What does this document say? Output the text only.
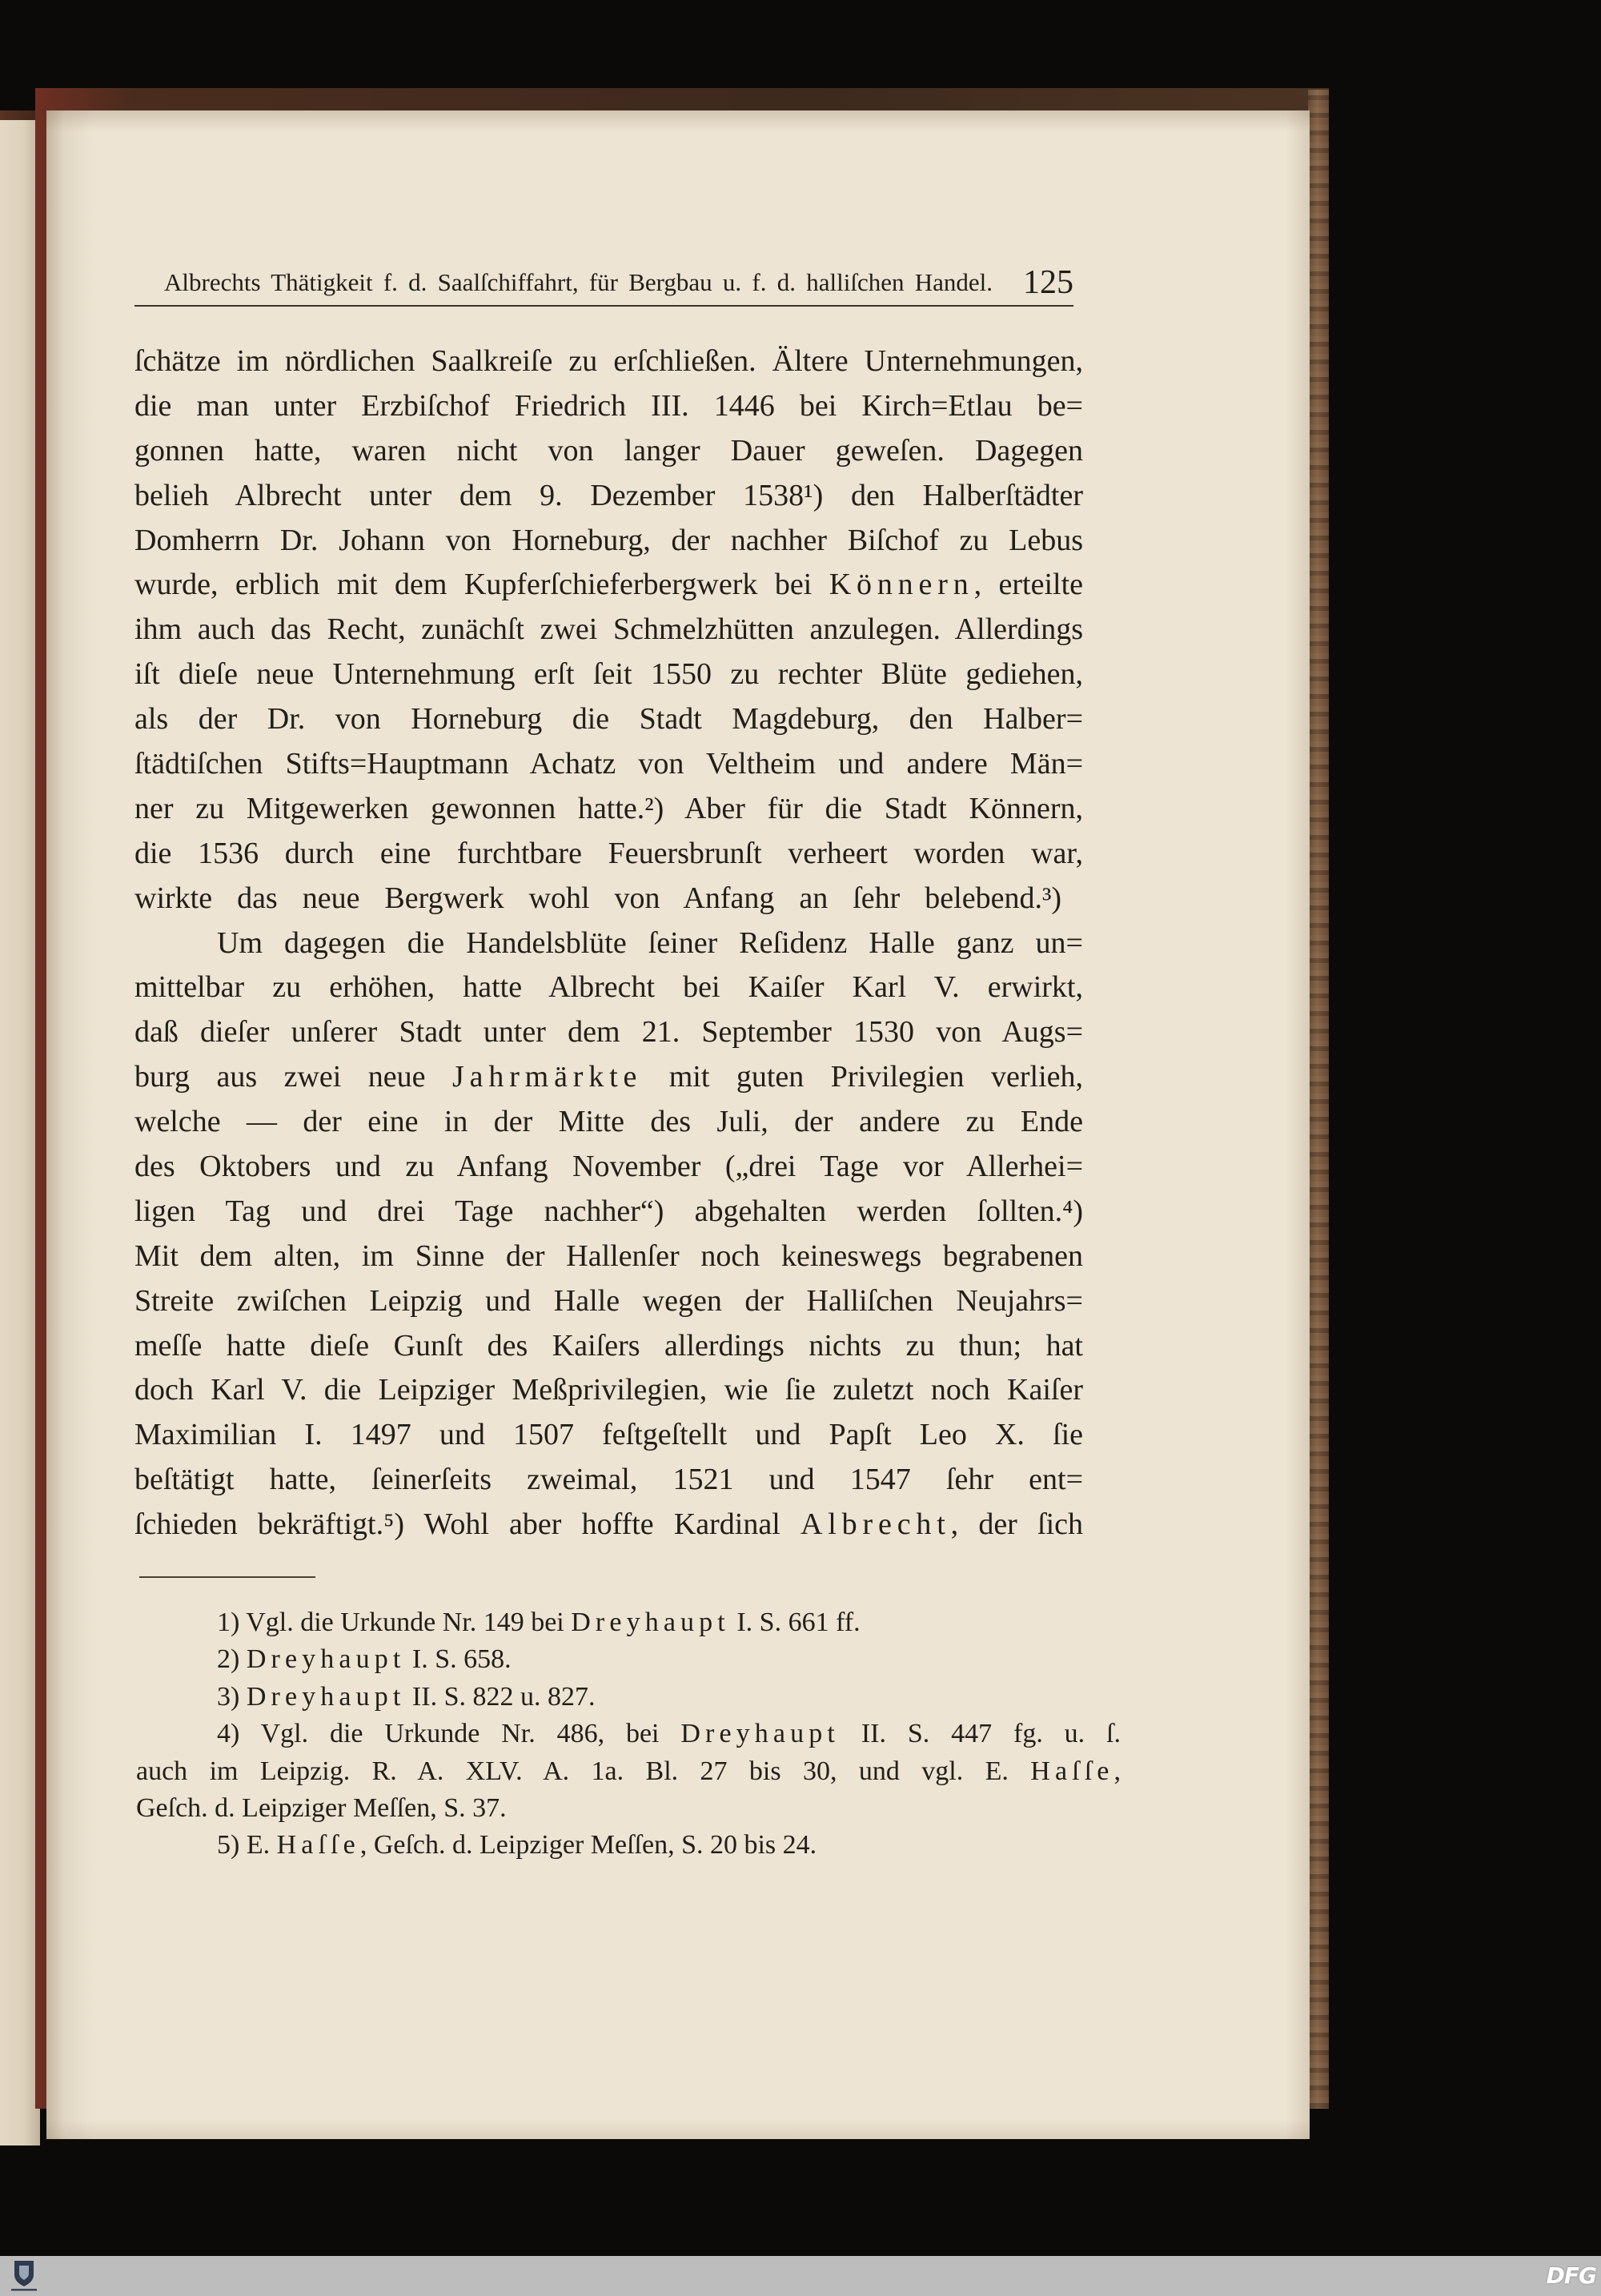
Albrechts Thätigkeit f. d. Saalſchiffahrt, für Bergbau u. f. d. halliſchen Handel. 125
ſchätze im nördlichen Saalkreiſe zu erſchließen. Ältere Unternehmungen,
die man unter Erzbiſchof Friedrich III. 1446 bei Kirch=Etlau be=
gonnen hatte, waren nicht von langer Dauer geweſen. Dagegen
belieh Albrecht unter dem 9. Dezember 1538¹) den Halberſtädter
Domherrn Dr. Johann von Horneburg, der nachher Biſchof zu Lebus
wurde, erblich mit dem Kupferſchieferbergwerk bei Könnern, erteilte
ihm auch das Recht, zunächſt zwei Schmelzhütten anzulegen. Allerdings
iſt dieſe neue Unternehmung erſt ſeit 1550 zu rechter Blüte gediehen,
als der Dr. von Horneburg die Stadt Magdeburg, den Halber=
ſtädtiſchen Stifts=Hauptmann Achatz von Veltheim und andere Män=
ner zu Mitgewerken gewonnen hatte.²) Aber für die Stadt Könnern,
die 1536 durch eine furchtbare Feuersbrunſt verheert worden war,
wirkte das neue Bergwerk wohl von Anfang an ſehr belebend.³)
Um dagegen die Handelsblüte ſeiner Reſidenz Halle ganz un=
mittelbar zu erhöhen, hatte Albrecht bei Kaiſer Karl V. erwirkt,
daß dieſer unſerer Stadt unter dem 21. September 1530 von Augs=
burg aus zwei neue Jahrmärkte mit guten Privilegien verlieh,
welche — der eine in der Mitte des Juli, der andere zu Ende
des Oktobers und zu Anfang November („drei Tage vor Allerhei=
ligen Tag und drei Tage nachher“) abgehalten werden ſollten.⁴)
Mit dem alten, im Sinne der Hallenſer noch keineswegs begrabenen
Streite zwiſchen Leipzig und Halle wegen der Halliſchen Neujahrs=
meſſe hatte dieſe Gunſt des Kaiſers allerdings nichts zu thun; hat
doch Karl V. die Leipziger Meßprivilegien, wie ſie zuletzt noch Kaiſer
Maximilian I. 1497 und 1507 feſtgeſtellt und Papſt Leo X. ſie
beſtätigt hatte, ſeinerſeits zweimal, 1521 und 1547 ſehr ent=
ſchieden bekräftigt.⁵) Wohl aber hoffte Kardinal Albrecht, der ſich
1) Vgl. die Urkunde Nr. 149 bei Dreyhaupt I. S. 661 ff.
2) Dreyhaupt I. S. 658.
3) Dreyhaupt II. S. 822 u. 827.
4) Vgl. die Urkunde Nr. 486, bei Dreyhaupt II. S. 447 fg. u. ſ.
auch im Leipzig. R. A. XLV. A. 1a. Bl. 27 bis 30, und vgl. E. Haſſe,
Geſch. d. Leipziger Meſſen, S. 37.
5) E. Haſſe, Geſch. d. Leipziger Meſſen, S. 20 bis 24.
DFG
